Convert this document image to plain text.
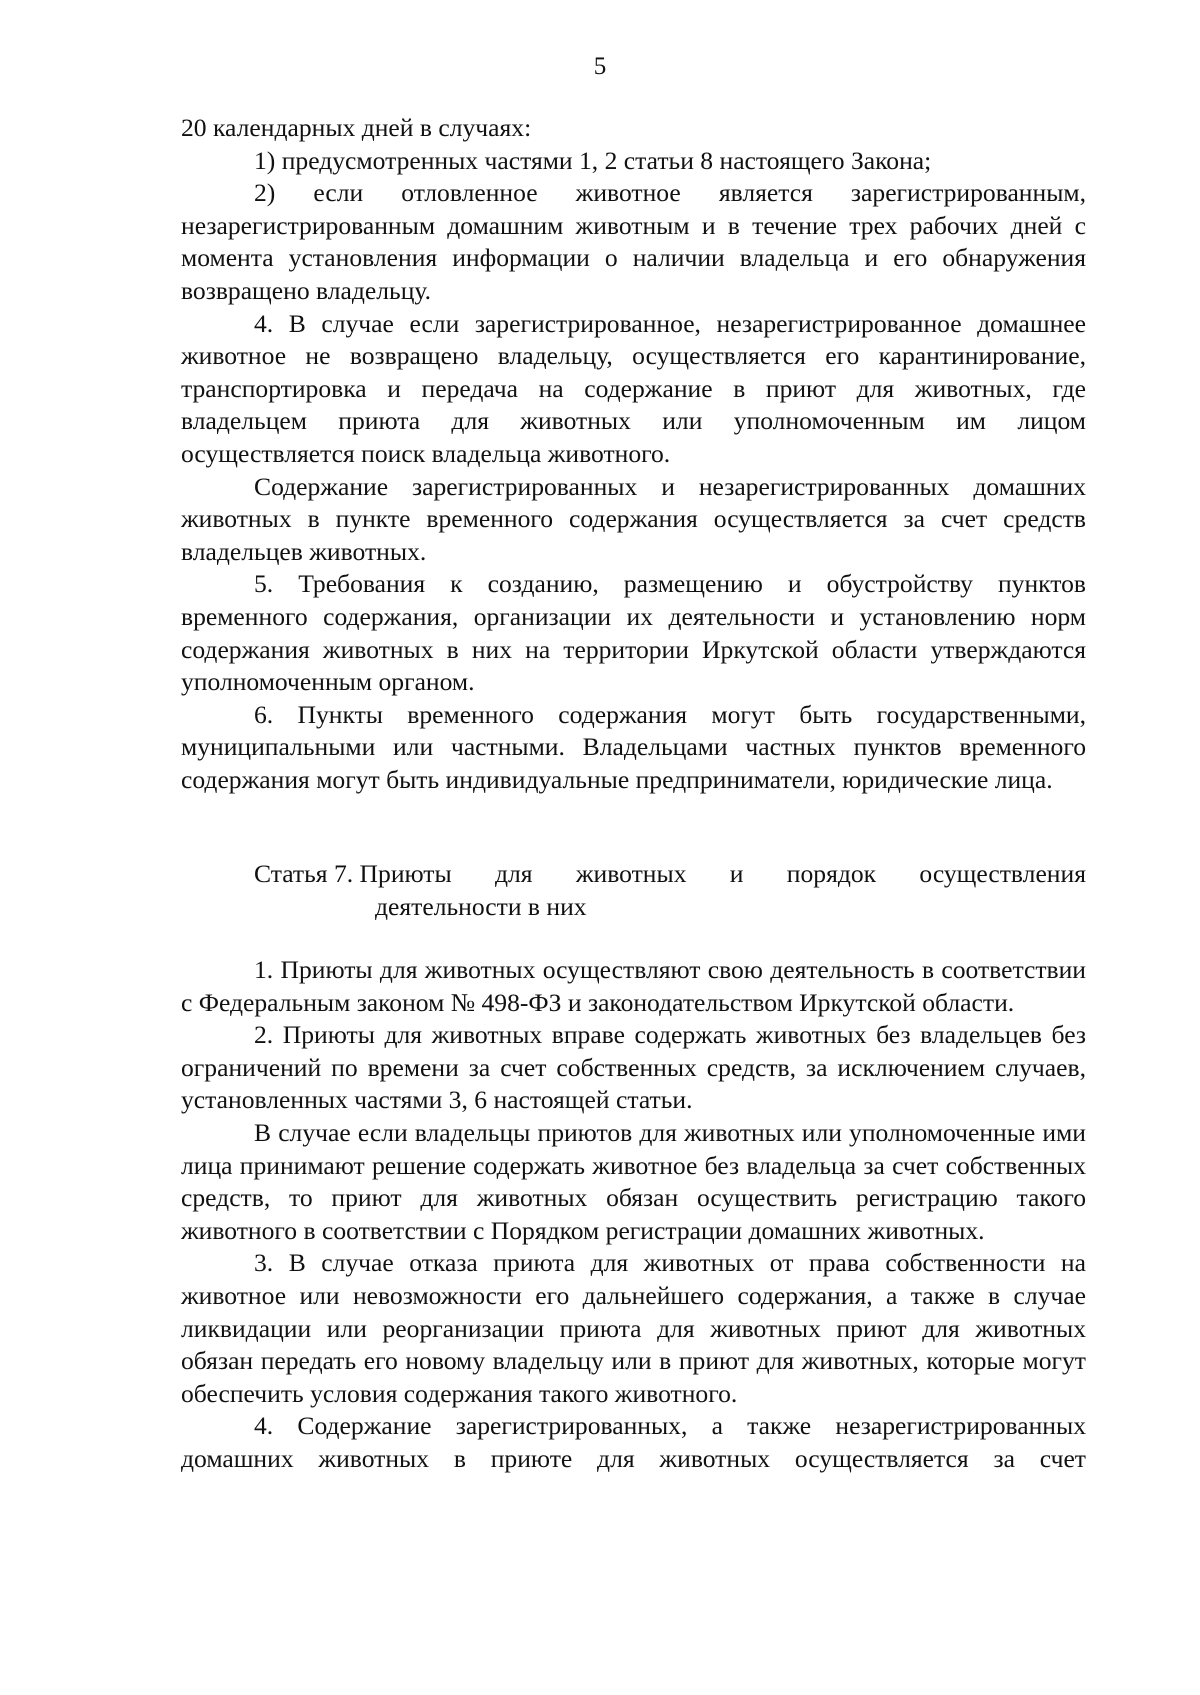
5

20 календарных дней в случаях:

1) предусмотренных частями 1, 2 статьи 8 настоящего Закона;

2) если отловленное животное является зарегистрированным, незарегистрированным домашним животным и в течение трех рабочих дней с момента установления информации о наличии владельца и его обнаружения возвращено владельцу.

4. В случае если зарегистрированное, незарегистрированное домашнее животное не возвращено владельцу, осуществляется его карантинирование, транспортировка и передача на содержание в приют для животных, где владельцем приюта для животных или уполномоченным им лицом осуществляется поиск владельца животного.

Содержание зарегистрированных и незарегистрированных домашних животных в пункте временного содержания осуществляется за счет средств владельцев животных.

5. Требования к созданию, размещению и обустройству пунктов временного содержания, организации их деятельности и установлению норм содержания животных в них на территории Иркутской области утверждаются уполномоченным органом.

6. Пункты временного содержания могут быть государственными, муниципальными или частными. Владельцами частных пунктов временного содержания могут быть индивидуальные предприниматели, юридические лица.

Статья 7. Приюты для животных и порядок осуществления
деятельности в них

1. Приюты для животных осуществляют свою деятельность в соответствии с Федеральным законом № 498-ФЗ и законодательством Иркутской области.

2. Приюты для животных вправе содержать животных без владельцев без ограничений по времени за счет собственных средств, за исключением случаев, установленных частями 3, 6 настоящей статьи.

В случае если владельцы приютов для животных или уполномоченные ими лица принимают решение содержать животное без владельца за счет собственных средств, то приют для животных обязан осуществить регистрацию такого животного в соответствии с Порядком регистрации домашних животных.

3. В случае отказа приюта для животных от права собственности на животное или невозможности его дальнейшего содержания, а также в случае ликвидации или реорганизации приюта для животных приют для животных обязан передать его новому владельцу или в приют для животных, которые могут обеспечить условия содержания такого животного.

4. Содержание зарегистрированных, а также незарегистрированных домашних животных в приюте для животных осуществляется за счет
